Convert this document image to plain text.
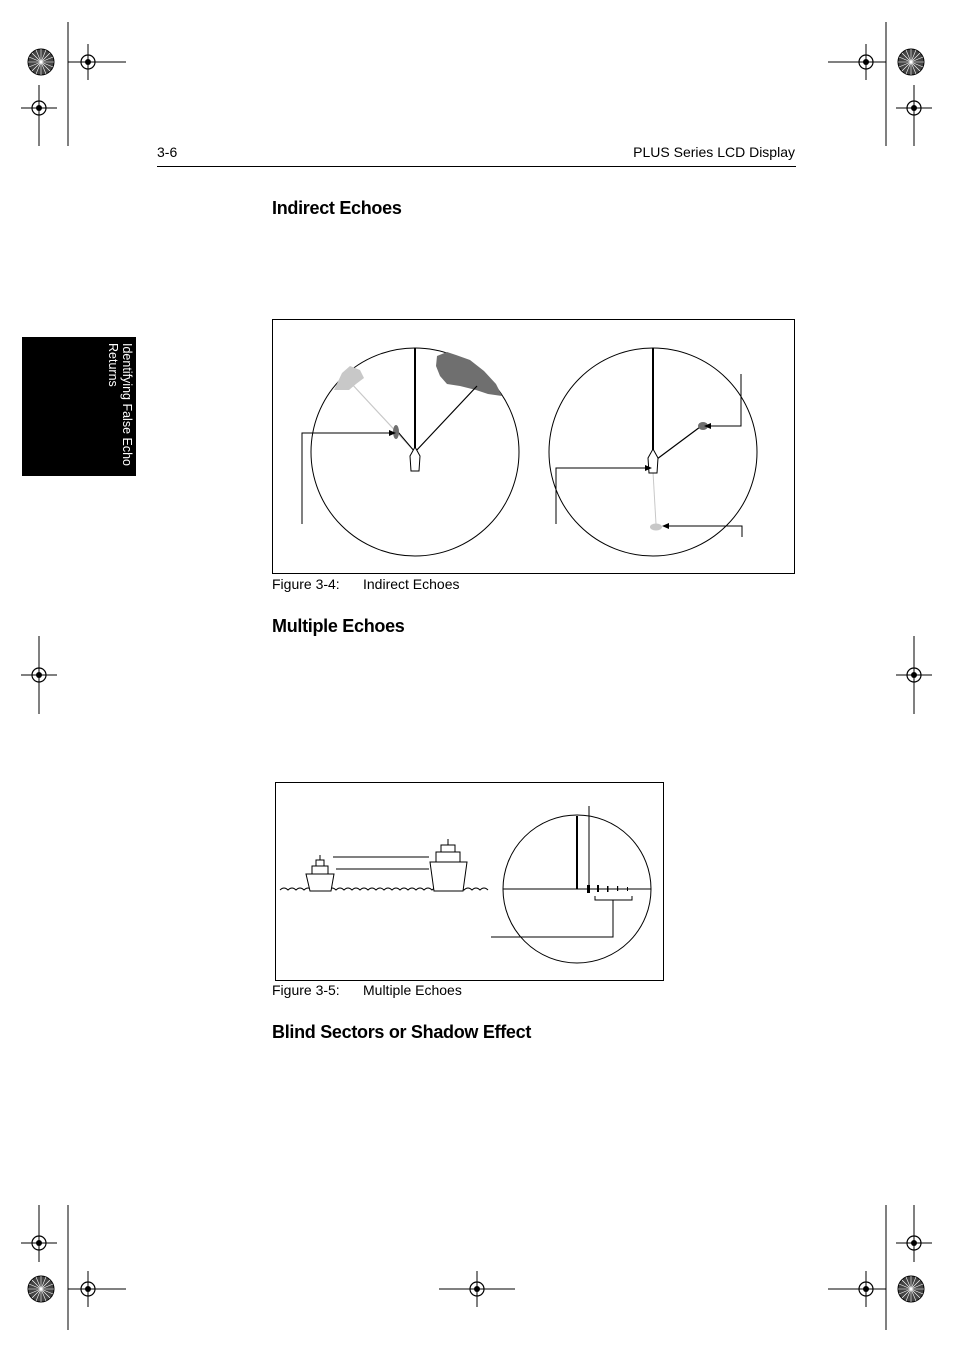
3-6	PLUS Series LCD Display
Identifying False Echo
Returns
Indirect Echoes
Multiple Echoes
Blind Sectors or Shadow Effect
Figure 3-4: Indirect Echoes
Figure 3-5: Multiple Echoes
